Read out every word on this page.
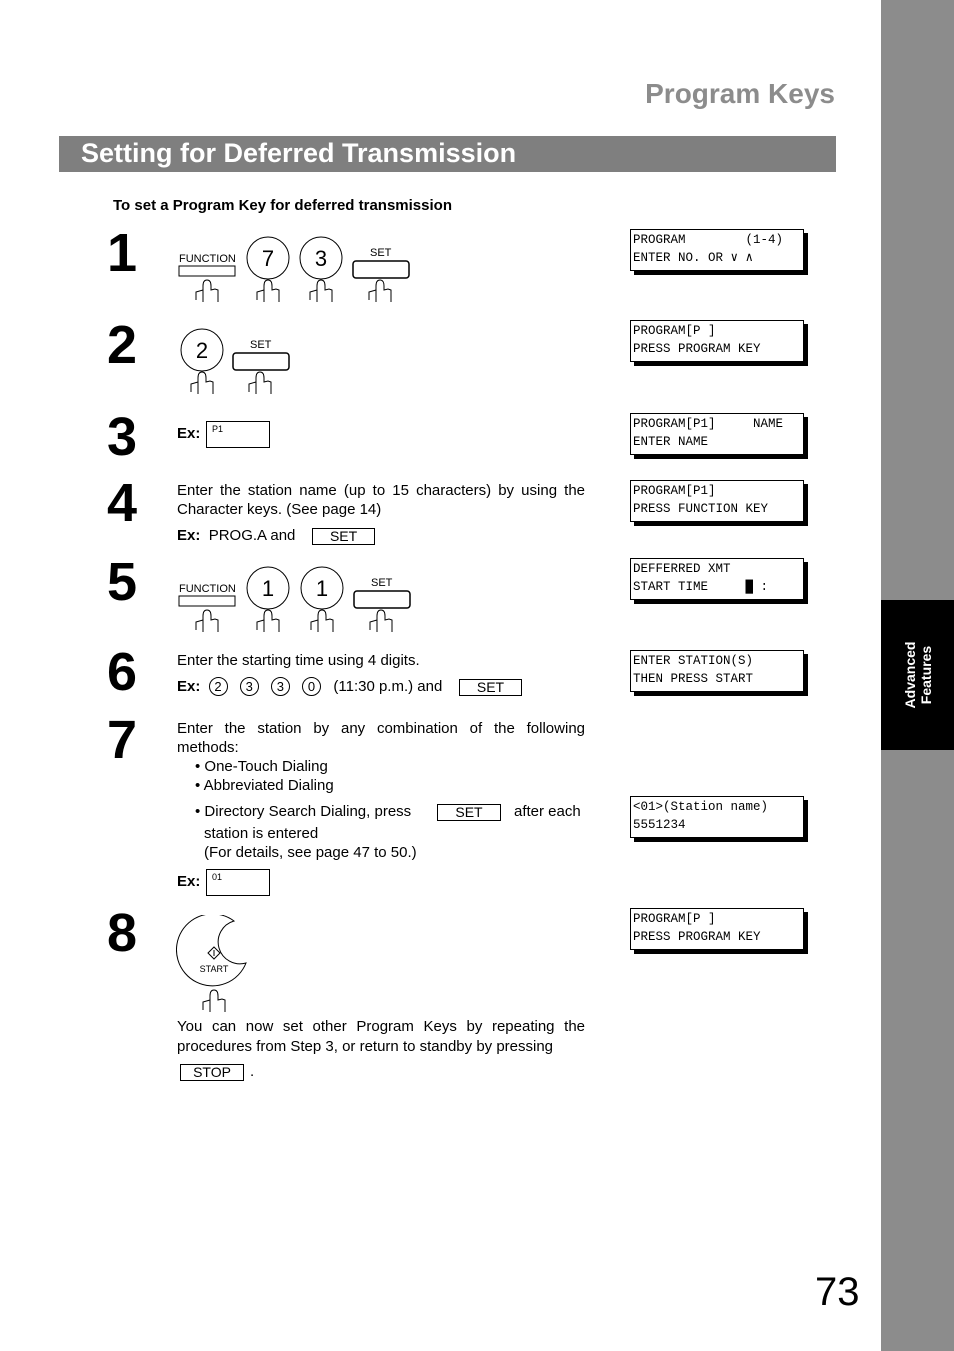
Advanced Features
Program Keys
Setting for Deferred Transmission
To set a Program Key for deferred transmission
1	FUNCTION 7 3	SET
PROGRAM        (1-4)
ENTER NO. OR ∨ ∧
2	2	SET
PROGRAM[P ]
PRESS PROGRAM KEY
3	Ex:	P1	PROGRAM[P1]     NAME
ENTER NAME
4	Enter the station name (up to 15 characters) by using the Character keys. (See page 14)
Ex: PROG.A and SET
PROGRAM[P1]
PRESS FUNCTION KEY
5	FUNCTION 1 1	SET
DEFFERRED XMT
START TIME     █ :
6	Enter the starting time using 4 digits.
Ex: 2 3 3 0 (11:30 p.m.) and SET
ENTER STATION(S)
THEN PRESS START
7	Enter the station by any combination of the following methods:
• One-Touch Dialing
• Abbreviated Dialing
• Directory Search Dialing, press	SET	after each
station is entered
(For details, see page 47 to 50.)
Ex:	01
<01>(Station name)
5551234
8
START
You can now set other Program Keys by repeating the procedures from Step 3, or return to standby by pressing
STOP	.
PROGRAM[P ]
PRESS PROGRAM KEY
73
